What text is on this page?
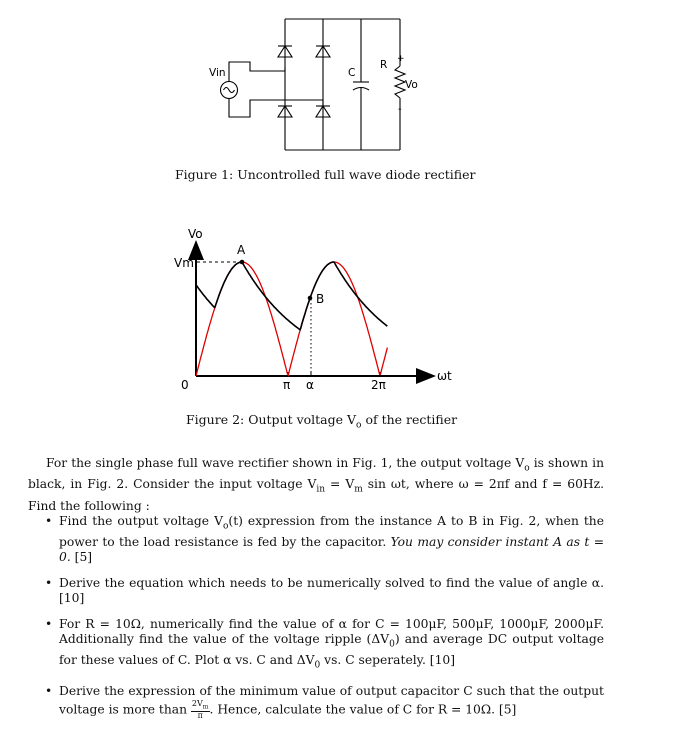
Vin	C
R
Vo
+
-
Figure 1: Uncontrolled full wave diode rectifier
Vo
Vm
0	π α	2π
ωt
A
B
Figure 2: Output voltage $V_o$ of the rectifier

For the single phase full wave rectifier shown in Fig. 1, the output voltage $V_o$ is shown in black, in Fig. 2. Consider the input voltage $V_{in} = V_m$ sin ωt, where ω = 2πf and f = 60Hz. Find the following :

• Find the output voltage $V_o(t)$ expression from the instance A to B in Fig. 2, when the power to the load resistance is fed by the capacitor. You may consider instant A as t = 0. [5]
• Derive the equation which needs to be numerically solved to find the value of angle α. [10]
• For R = 10Ω, numerically find the value of α for C = 100μF, 500μF, 1000μF, 2000μF. Additionally find the value of the voltage ripple $(\Delta V_0)$ and average DC output voltage for these values of C. Plot α vs. C and $\Delta V_0$ vs. C seperately. [10]
• Derive the expression of the minimum value of output capacitor C such that the output voltage is more than $\frac{2V_m}{\pi}$ . Hence, calculate the value of C for R = 10Ω. [5]
